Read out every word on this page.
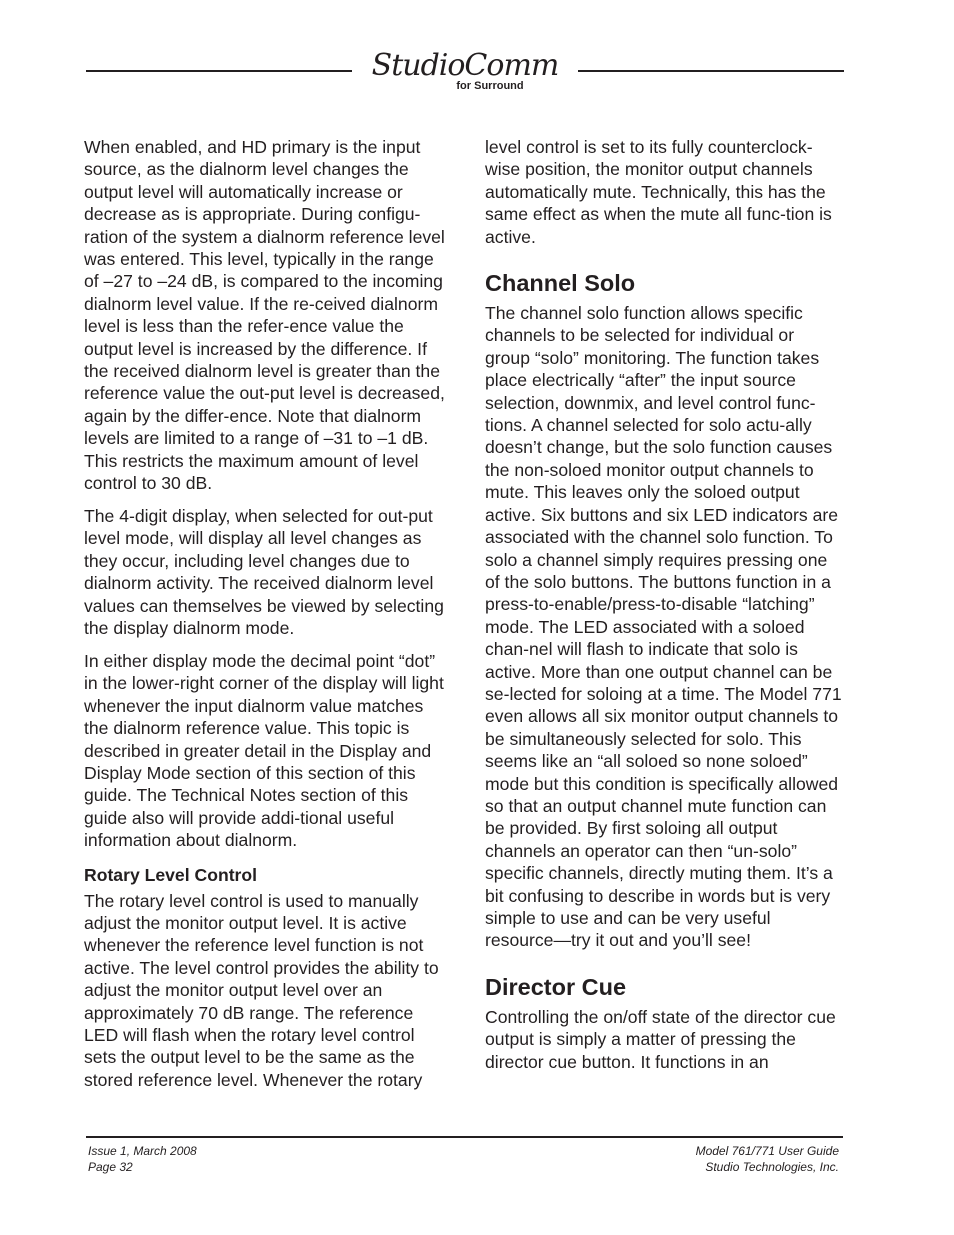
StudioComm
for Surround

When enabled, and HD primary is the input source, as the dialnorm level changes the output level will automatically increase or decrease as is appropriate. During configu-ration of the system a dialnorm reference level was entered. This level, typically in the range of –27 to –24 dB, is compared to the incoming dialnorm level value. If the re-ceived dialnorm level is less than the refer-ence value the output level is increased by the difference. If the received dialnorm level is greater than the reference value the out-put level is decreased, again by the differ-ence. Note that dialnorm levels are limited to a range of –31 to –1 dB. This restricts the maximum amount of level control to 30 dB.

The 4-digit display, when selected for out-put level mode, will display all level changes as they occur, including level changes due to dialnorm activity. The received dialnorm level values can themselves be viewed by selecting the display dialnorm mode.

In either display mode the decimal point “dot” in the lower-right corner of the display will light whenever the input dialnorm value matches the dialnorm reference value. This topic is described in greater detail in the Display and Display Mode section of this section of this guide. The Technical Notes section of this guide also will provide addi-tional useful information about dialnorm.

Rotary Level Control

The rotary level control is used to manually adjust the monitor output level. It is active whenever the reference level function is not active. The level control provides the ability to adjust the monitor output level over an approximately 70 dB range. The reference LED will flash when the rotary level control sets the output level to be the same as the stored reference level. Whenever the rotary

level control is set to its fully counterclock-wise position, the monitor output channels automatically mute. Technically, this has the same effect as when the mute all func-tion is active.

Channel Solo

The channel solo function allows specific channels to be selected for individual or group “solo” monitoring. The function takes place electrically “after” the input source selection, downmix, and level control func-tions. A channel selected for solo actu-ally doesn’t change, but the solo function causes the non-soloed monitor output channels to mute. This leaves only the soloed output active. Six buttons and six LED indicators are associated with the channel solo function. To solo a channel simply requires pressing one of the solo buttons. The buttons function in a press-to-enable/press-to-disable “latching” mode. The LED associated with a soloed chan-nel will flash to indicate that solo is active. More than one output channel can be se-lected for soloing at a time. The Model 771 even allows all six monitor output channels to be simultaneously selected for solo. This seems like an “all soloed so none soloed” mode but this condition is specifically allowed so that an output channel mute function can be provided. By first soloing all output channels an operator can then “un-solo” specific channels, directly muting them. It’s a bit confusing to describe in words but is very simple to use and can be very useful resource—try it out and you’ll see!

Director Cue

Controlling the on/off state of the director cue output is simply a matter of pressing the director cue button. It functions in an

Issue 1, March 2008
Page 32
Model 761/771 User Guide
Studio Technologies, Inc.
